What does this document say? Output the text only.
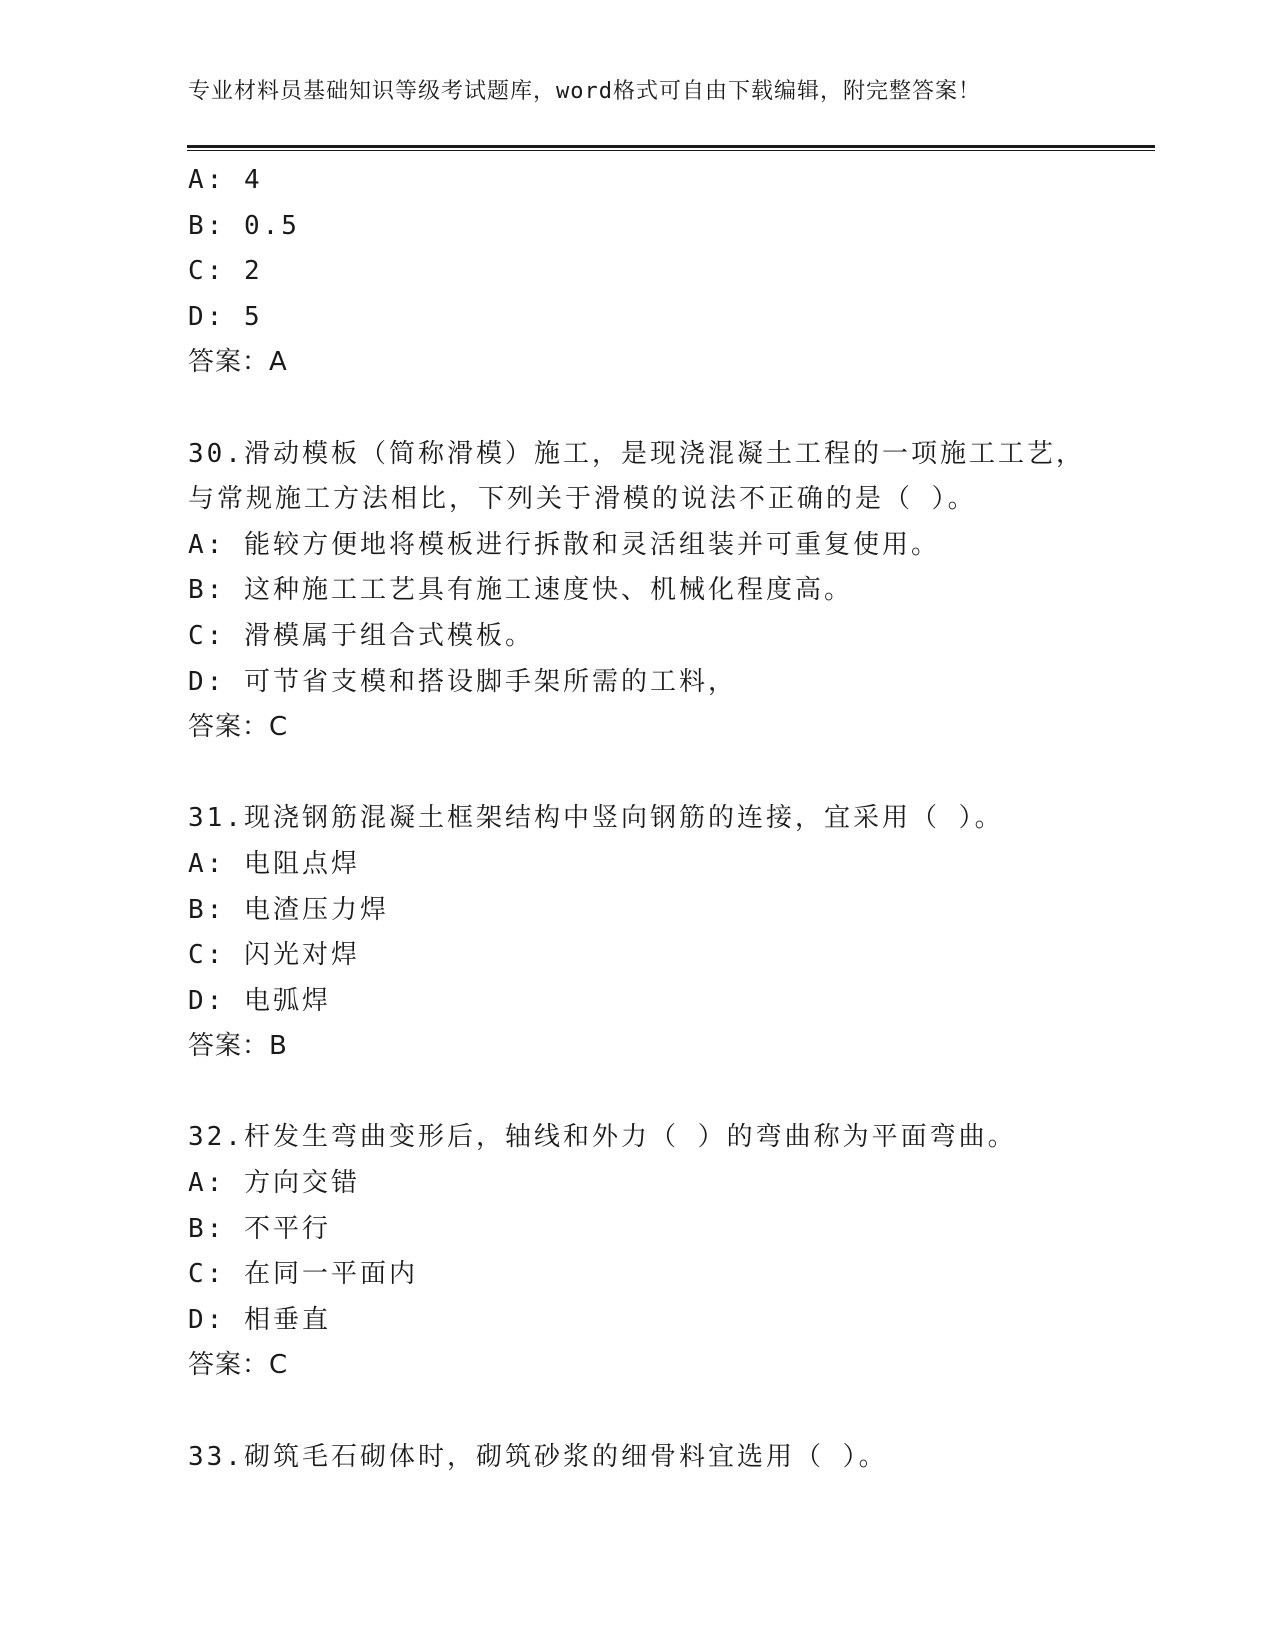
专业材料员基础知识等级考试题库，word格式可自由下载编辑，附完整答案！
A: 4
B: 0.5
C: 2
D: 5
答案：A
30.滑动模板（简称滑模）施工，是现浇混凝土工程的一项施工工艺，
与常规施工方法相比，下列关于滑模的说法不正确的是（ ）。
A: 能较方便地将模板进行拆散和灵活组装并可重复使用。
B: 这种施工工艺具有施工速度快、机械化程度高。
C: 滑模属于组合式模板。
D: 可节省支模和搭设脚手架所需的工料，
答案：C
31.现浇钢筋混凝土框架结构中竖向钢筋的连接，宜采用（ ）。
A: 电阻点焊
B: 电渣压力焊
C: 闪光对焊
D: 电弧焊
答案：B
32.杆发生弯曲变形后，轴线和外力（ ）的弯曲称为平面弯曲。
A: 方向交错
B: 不平行
C: 在同一平面内
D: 相垂直
答案：C
33.砌筑毛石砌体时，砌筑砂浆的细骨料宜选用（ ）。
